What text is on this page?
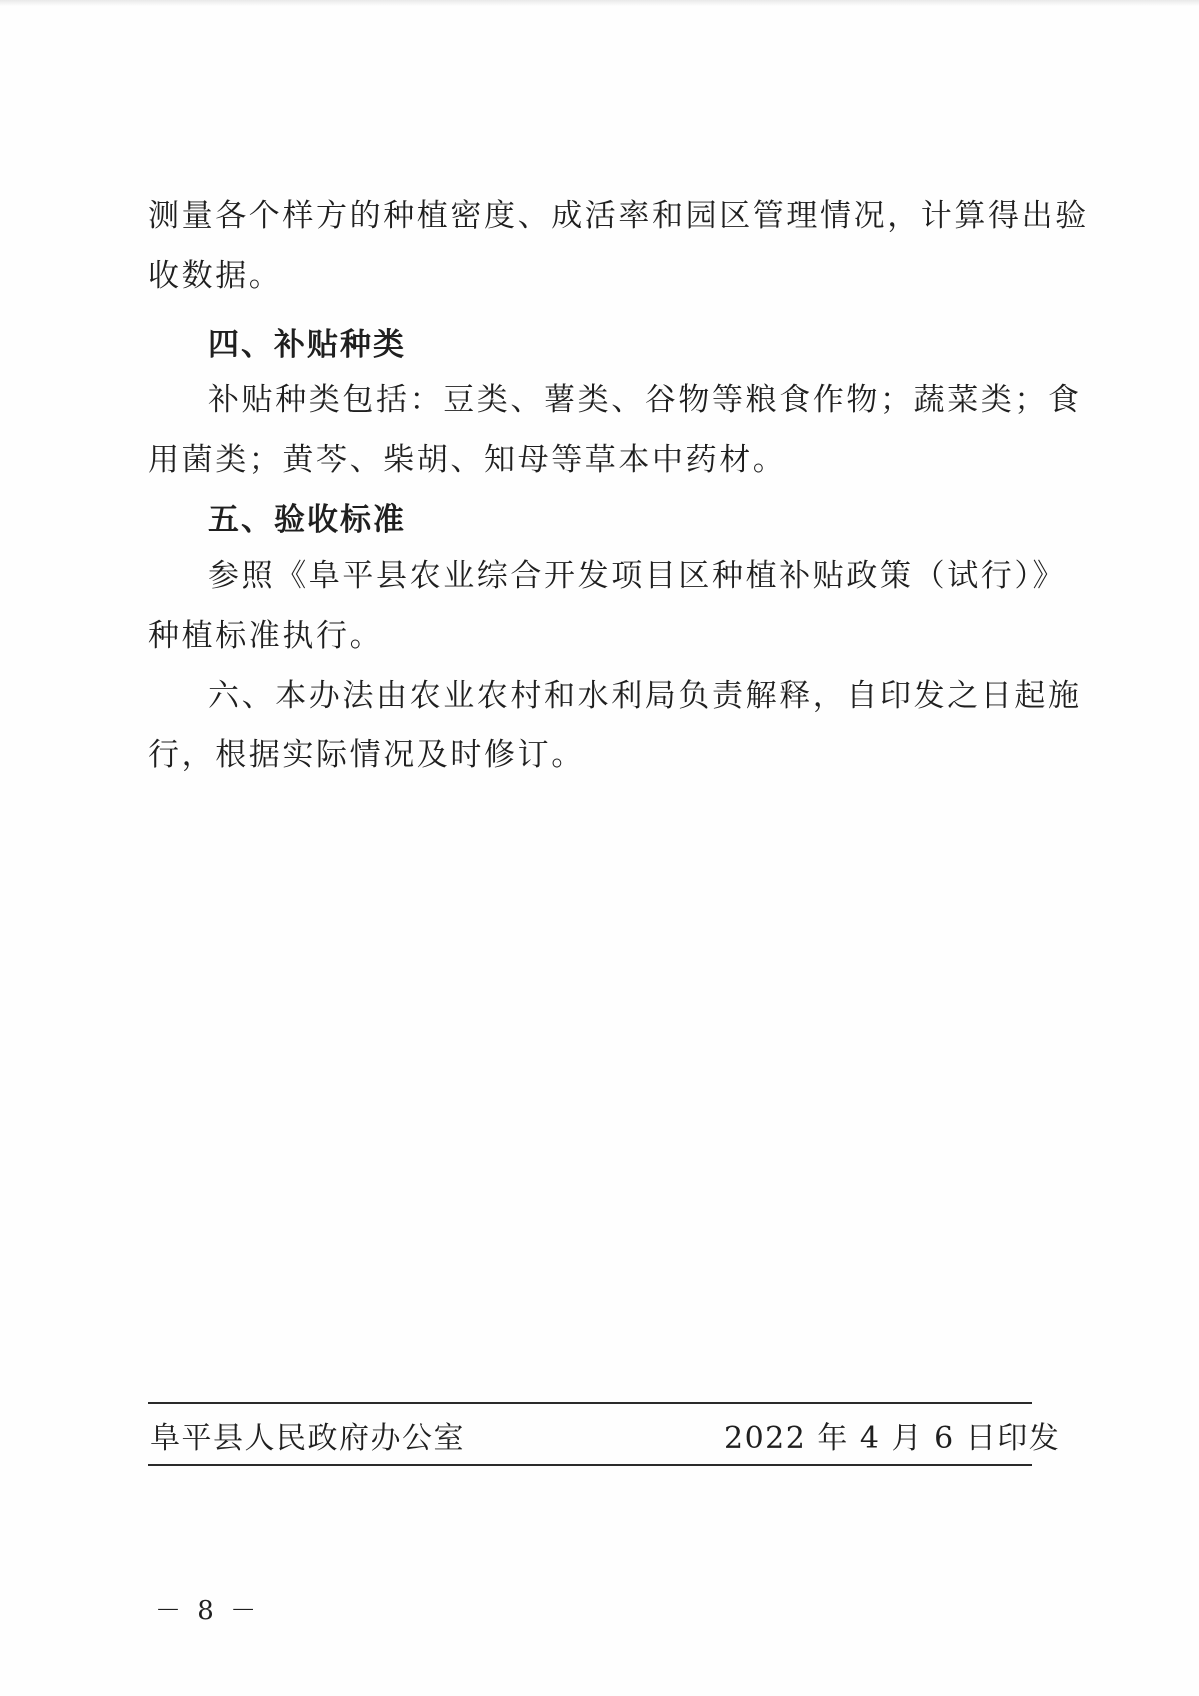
测量各个样方的种植密度、成活率和园区管理情况，计算得出验
收数据。
四、补贴种类
补贴种类包括：豆类、薯类、谷物等粮食作物；蔬菜类；食
用菌类；黄芩、柴胡、知母等草本中药材。
五、验收标准
参照《阜平县农业综合开发项目区种植补贴政策（试行）》
种植标准执行。
六、本办法由农业农村和水利局负责解释，自印发之日起施
行，根据实际情况及时修订。
阜平县人民政府办公室	2022 年 4 月 6 日印发
－ 8 －
